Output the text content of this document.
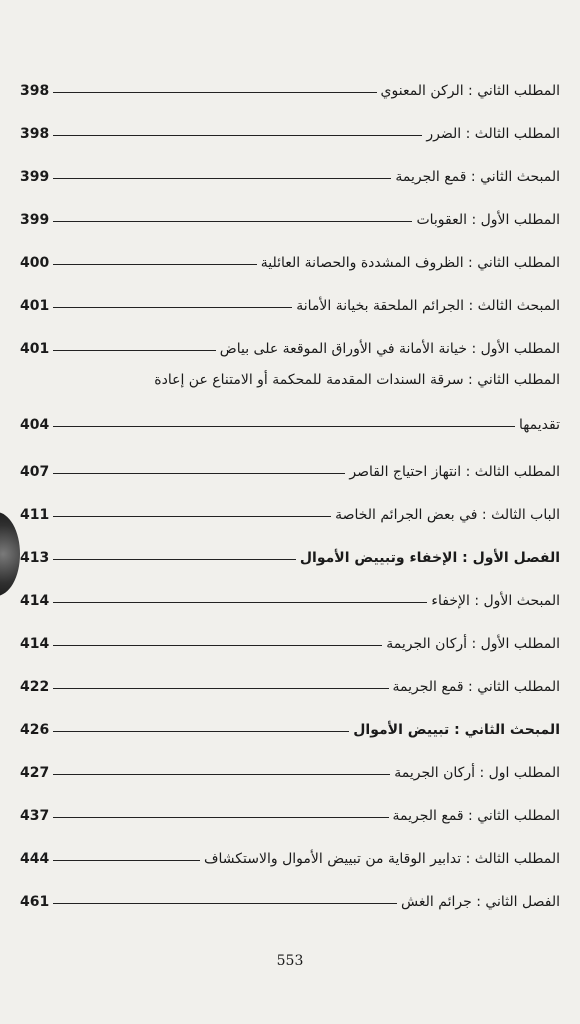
المطلب الثاني : الركن المعنوي
398
المطلب الثالث : الضرر
398
المبحث الثاني : قمع الجريمة
399
المطلب الأول : العقوبات
399
المطلب الثاني : الظروف المشددة والحصانة العائلية
400
المبحث الثالث : الجرائم الملحقة بخيانة الأمانة
401
المطلب الأول : خيانة الأمانة في الأوراق الموقعة على بياض
401
المطلب الثاني : سرقة السندات المقدمة للمحكمة أو الامتناع عن إعادة
تقديمها
404
المطلب الثالث : انتهاز احتياج القاصر
407
الباب الثالث : في بعض الجرائم الخاصة
411
الفصل الأول : الإخفاء وتبييض الأموال
413
المبحث الأول : الإخفاء
414
المطلب الأول : أركان الجريمة
414
المطلب الثاني : قمع الجريمة
422
المبحث الثاني : تبييض الأموال
426
المطلب اول : أركان الجريمة
427
المطلب الثاني : قمع الجريمة
437
المطلب الثالث : تدابير الوقاية من تبييض الأموال والاستكشاف
444
الفصل الثاني : جرائم الغش
461
553
